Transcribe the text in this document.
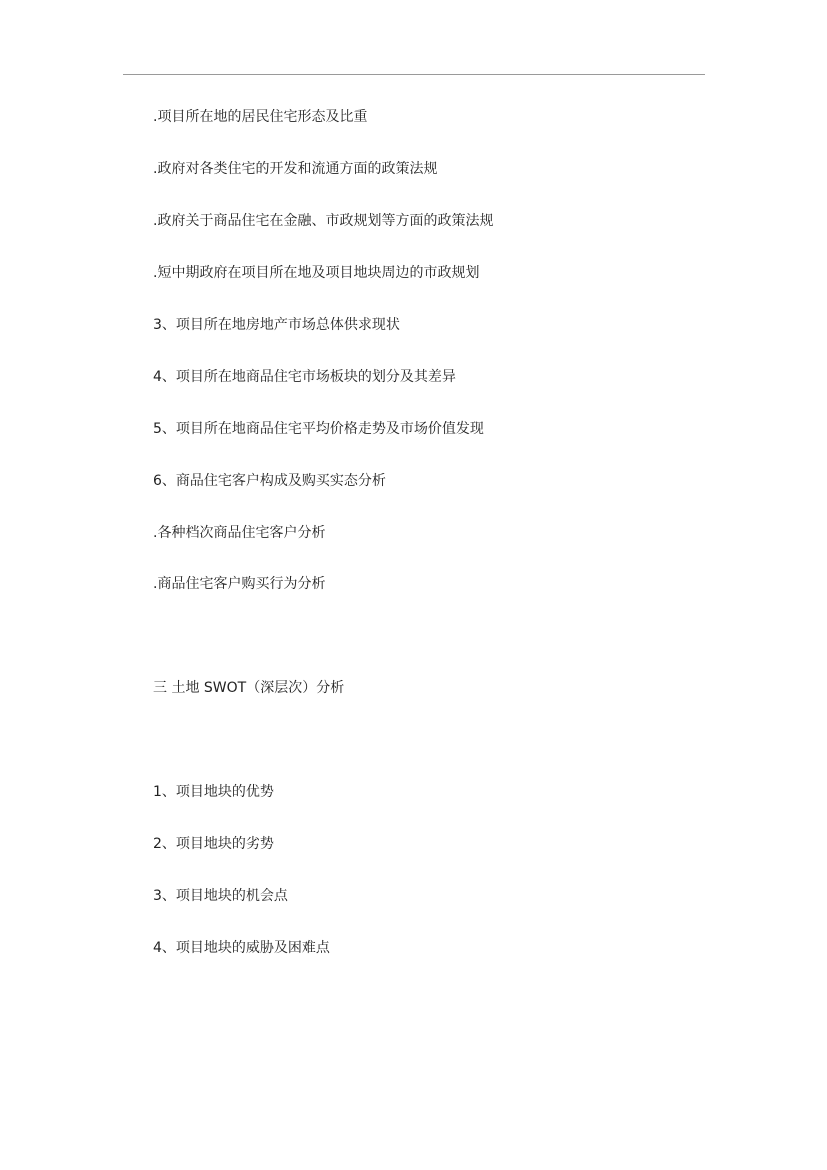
.项目所在地的居民住宅形态及比重
.政府对各类住宅的开发和流通方面的政策法规
.政府关于商品住宅在金融、市政规划等方面的政策法规
.短中期政府在项目所在地及项目地块周边的市政规划
3、项目所在地房地产市场总体供求现状
4、项目所在地商品住宅市场板块的划分及其差异
5、项目所在地商品住宅平均价格走势及市场价值发现
6、商品住宅客户构成及购买实态分析
.各种档次商品住宅客户分析
.商品住宅客户购买行为分析
三 土地 SWOT（深层次）分析
1、项目地块的优势
2、项目地块的劣势
3、项目地块的机会点
4、项目地块的威胁及困难点
